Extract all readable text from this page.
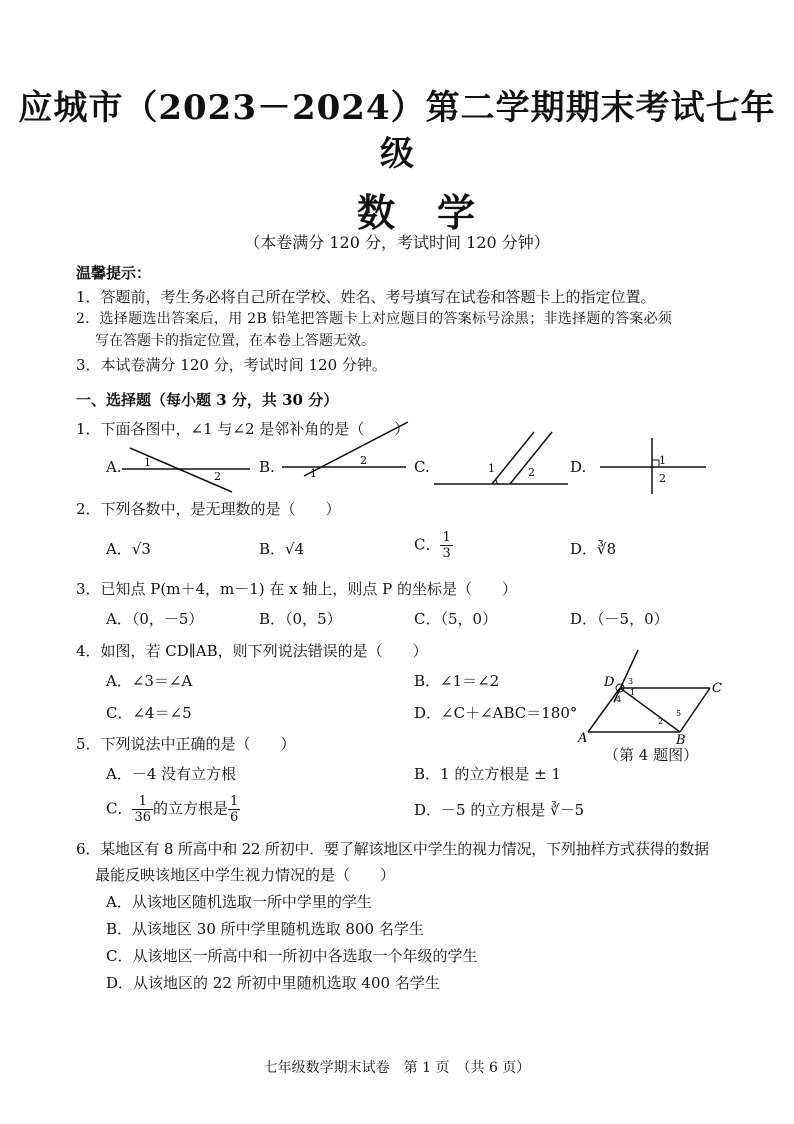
应城市（2023－2024）第二学期期末考试七年
级
数学
（本卷满分 120 分，考试时间 120 分钟）
温馨提示：
1．答题前，考生务必将自己所在学校、姓名、考号填写在试卷和答题卡上的指定位置。
2．选择题选出答案后，用 2B 铅笔把答题卡上对应题目的答案标号涂黑；非选择题的答案必须
写在答题卡的指定位置，在本卷上答题无效。
3．本试卷满分 120 分，考试时间 120 分钟。
一、选择题（每小题 3 分，共 30 分）
1．下面各图中，∠1 与∠2 是邻补角的是（　　）
A. 1
2
B.	1
2	C.	1	2 D.	1
2
2．下列各数中，是无理数的是（　　）
A．√3	B．√4	C． $\frac{1}{3}$	D．∛8
3．已知点 P(m＋4，m－1) 在 x 轴上，则点 P 的坐标是（　　）
A．（0，－5）	B．（0，5）	C．（5，0）	D．（－5，0）
4．如图，若 CD∥AB，则下列说法错误的是（　　）
A．∠3＝∠A	B．∠1＝∠2
C．∠4＝∠5	D．∠C＋∠ABC＝180°
D	C
A	B
3
1
4
2
5
（第 4 题图）
5．下列说法中正确的是（　　）
A．－4 没有立方根	B．1 的立方根是 ± 1
C． $\frac{1}{36}$ 的立方根是 $\frac{1}{6}$	D．－5 的立方根是 ∛－5
6．某地区有 8 所高中和 22 所初中．要了解该地区中学生的视力情况，下列抽样方式获得的数据
最能反映该地区中学生视力情况的是（　　）
A．从该地区随机选取一所中学里的学生
B．从该地区 30 所中学里随机选取 800 名学生
C．从该地区一所高中和一所初中各选取一个年级的学生
D．从该地区的 22 所初中里随机选取 400 名学生
七年级数学期末试卷　第 1 页　（共 6 页）
